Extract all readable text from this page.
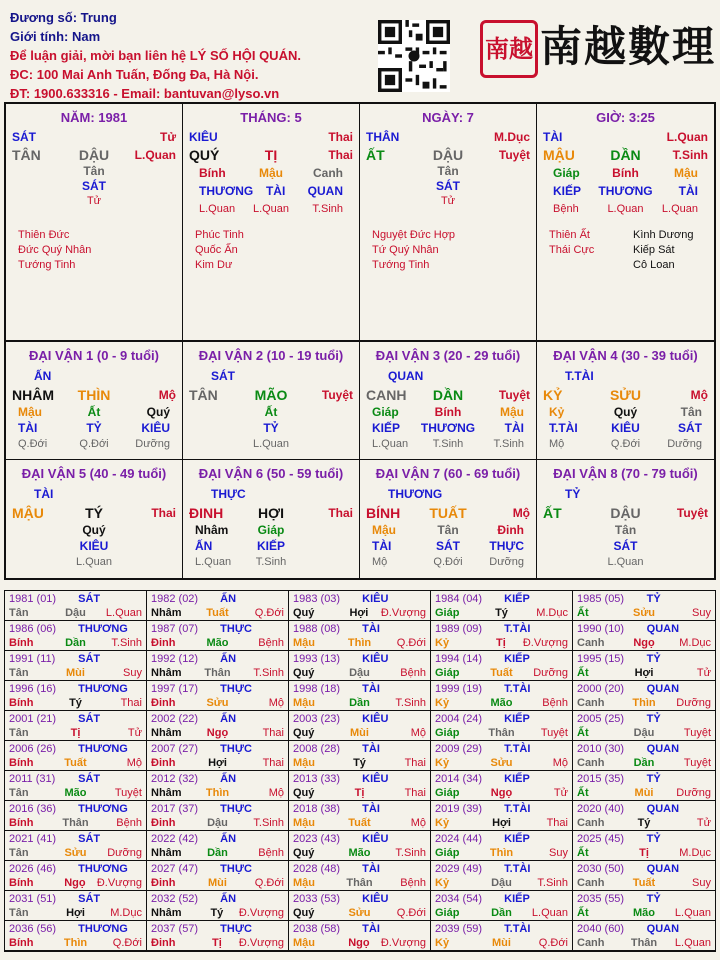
Đương số: Trung
Giới tính: Nam
Để luận giải, mời bạn liên hệ LÝ SỐ HỘI QUÁN.
ĐC: 100 Mai Anh Tuấn, Đống Đa, Hà Nội.
ĐT: 1900.633316 - Email: bantuvan@lyso.vn
南越 南越數理
NĂM: 1981
SÁT	Tử
TÂN	DẬU	L.Quan
Tân
SÁT
Tử
Thiên Đức
Đức Quý Nhân
Tướng Tinh
THÁNG: 5
KIÊU	Thai
QUÝ	TỊ	Thai
Bính	Mậu	Canh
THƯƠNG	TÀI	QUAN
L.Quan	L.Quan	T.Sinh
Phúc Tinh
Quốc Ấn
Kim Dư
NGÀY: 7
THÂN	M.Dục
ẤT	DẬU	Tuyệt
Tân
SÁT
Tử
Nguyệt Đức Hợp
Tứ Quý Nhân
Tướng Tinh
GIỜ: 3:25
TÀI	L.Quan
MẬU	DẦN	T.Sinh
Giáp	Bính	Mậu
KIẾP	THƯƠNG	TÀI
Bệnh	L.Quan	L.Quan
Thiên Ất
Thái Cực
Kình Dương
Kiếp Sát
Cô Loan
ĐẠI VẬN 1 (0 - 9 tuổi)
ẤN
NHÂM	THÌN	Mộ
Mậu	Ất	Quý
TÀI	TỶ	KIÊU
Q.Đới	Q.Đới	Dưỡng
ĐẠI VẬN 2 (10 - 19 tuổi)
SÁT
TÂN	MÃO	Tuyệt
Ất
TỶ
L.Quan
ĐẠI VẬN 3 (20 - 29 tuổi)
QUAN
CANH	DẦN	Tuyệt
Giáp	Bính	Mậu
KIẾP	THƯƠNG	TÀI
L.Quan	T.Sinh	T.Sinh
ĐẠI VẬN 4 (30 - 39 tuổi)
T.TÀI
KỶ	SỬU	Mộ
Kỷ	Quý	Tân
T.TÀI	KIÊU	SÁT
Mộ	Q.Đới	Dưỡng
ĐẠI VẬN 5 (40 - 49 tuổi)
TÀI
MẬU	TÝ	Thai
Quý
KIÊU
L.Quan
ĐẠI VẬN 6 (50 - 59 tuổi)
THỰC
ĐINH	HỢI	Thai
Nhâm	Giáp
ẤN	KIẾP
L.Quan	T.Sinh
ĐẠI VẬN 7 (60 - 69 tuổi)
THƯƠNG
BÍNH	TUẤT	Mộ
Mậu	Tân	Đinh
TÀI	SÁT	THỰC
Mộ	Q.Đới	Dưỡng
ĐẠI VẬN 8 (70 - 79 tuổi)
TỶ
ẤT	DẬU	Tuyệt
Tân
SÁT
L.Quan
1981 (01)	SÁT
Tân	Dậu	L.Quan
1982 (02)	ẤN
Nhâm	Tuất	Q.Đới
1983 (03)	KIÊU
Quý	Hợi	Đ.Vượng
1984 (04)	KIẾP
Giáp	Tý	M.Dục
1985 (05)	TỶ
Ất	Sửu	Suy
1986 (06)	THƯƠNG
Bính	Dần	T.Sinh
1987 (07)	THỰC
Đinh	Mão	Bệnh
1988 (08)	TÀI
Mậu	Thìn	Q.Đới
1989 (09)	T.TÀI
Kỷ	Tị	Đ.Vượng
1990 (10)	QUAN
Canh	Ngọ	M.Dục
1991 (11)	SÁT
Tân	Mùi	Suy
1992 (12)	ẤN
Nhâm	Thân	T.Sinh
1993 (13)	KIÊU
Quý	Dậu	Bệnh
1994 (14)	KIẾP
Giáp	Tuất	Dưỡng
1995 (15)	TỶ
Ất	Hợi	Tử
1996 (16)	THƯƠNG
Bính	Tý	Thai
1997 (17)	THỰC
Đinh	Sửu	Mộ
1998 (18)	TÀI
Mậu	Dần	T.Sinh
1999 (19)	T.TÀI
Kỷ	Mão	Bệnh
2000 (20)	QUAN
Canh	Thìn	Dưỡng
2001 (21)	SÁT
Tân	Tị	Tử
2002 (22)	ẤN
Nhâm	Ngọ	Thai
2003 (23)	KIÊU
Quý	Mùi	Mộ
2004 (24)	KIẾP
Giáp	Thân	Tuyệt
2005 (25)	TỶ
Ất	Dậu	Tuyệt
2006 (26)	THƯƠNG
Bính	Tuất	Mộ
2007 (27)	THỰC
Đinh	Hợi	Thai
2008 (28)	TÀI
Mậu	Tý	Thai
2009 (29)	T.TÀI
Kỷ	Sửu	Mộ
2010 (30)	QUAN
Canh	Dần	Tuyệt
2011 (31)	SÁT
Tân	Mão	Tuyệt
2012 (32)	ẤN
Nhâm	Thìn	Mộ
2013 (33)	KIÊU
Quý	Tị	Thai
2014 (34)	KIẾP
Giáp	Ngọ	Tử
2015 (35)	TỶ
Ất	Mùi	Dưỡng
2016 (36)	THƯƠNG
Bính	Thân	Bệnh
2017 (37)	THỰC
Đinh	Dậu	T.Sinh
2018 (38)	TÀI
Mậu	Tuất	Mộ
2019 (39)	T.TÀI
Kỷ	Hợi	Thai
2020 (40)	QUAN
Canh	Tý	Tử
2021 (41)	SÁT
Tân	Sửu	Dưỡng
2022 (42)	ẤN
Nhâm	Dần	Bệnh
2023 (43)	KIÊU
Quý	Mão	T.Sinh
2024 (44)	KIẾP
Giáp	Thìn	Suy
2025 (45)	TỶ
Ất	Tị	M.Dục
2026 (46)	THƯƠNG
Bính	Ngọ	Đ.Vượng
2027 (47)	THỰC
Đinh	Mùi	Q.Đới
2028 (48)	TÀI
Mậu	Thân	Bệnh
2029 (49)	T.TÀI
Kỷ	Dậu	T.Sinh
2030 (50)	QUAN
Canh	Tuất	Suy
2031 (51)	SÁT
Tân	Hợi	M.Dục
2032 (52)	ẤN
Nhâm	Tý	Đ.Vượng
2033 (53)	KIÊU
Quý	Sửu	Q.Đới
2034 (54)	KIẾP
Giáp	Dần	L.Quan
2035 (55)	TỶ
Ất	Mão	L.Quan
2036 (56)	THƯƠNG
Bính	Thìn	Q.Đới
2037 (57)	THỰC
Đinh	Tị	Đ.Vượng
2038 (58)	TÀI
Mậu	Ngọ	Đ.Vượng
2039 (59)	T.TÀI
Kỷ	Mùi	Q.Đới
2040 (60)	QUAN
Canh	Thân	L.Quan
